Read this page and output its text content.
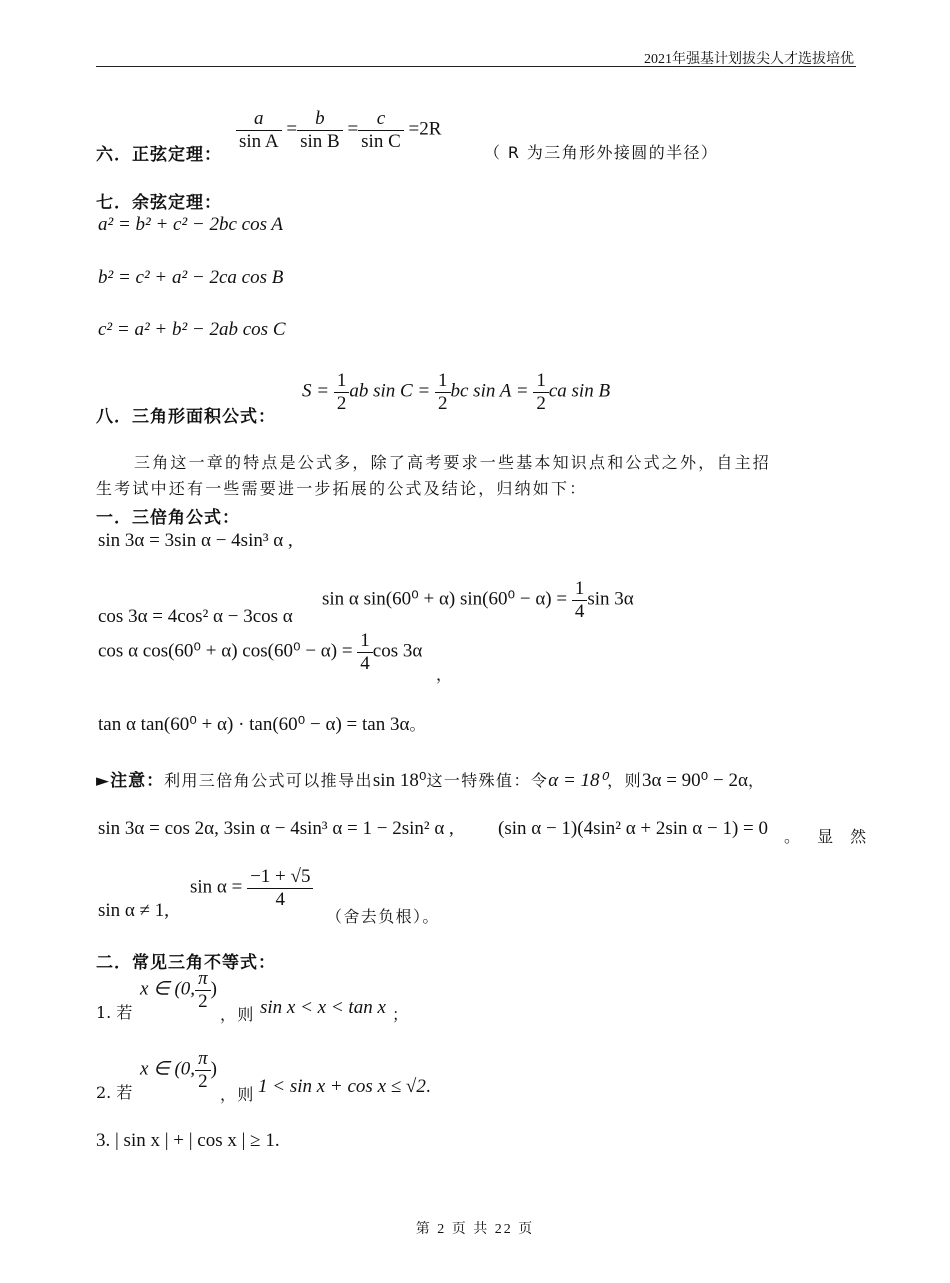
2021年强基计划拔尖人才选拔培优
六．正弦定理：
$\frac{a}{\text{sin A}} = \frac{b}{\text{sin B}} = \frac{c}{\text{sin C}} =2R$
（ R 为三角形外接圆的半径）
七．余弦定理：
a² = b² + c² − 2bc cos A
b² = c² + a² − 2ca cos B
c² = a² + b² − 2ab cos C
八．三角形面积公式：
$S = \frac{1}{2}$ ab $\sin C = \frac{1}{2}$ bc $\sin A = \frac{1}{2}$ ca sin B
三角这一章的特点是公式多，除了高考要求一些基本知识点和公式之外，自主招
生考试中还有一些需要进一步拓展的公式及结论，归纳如下：
一．三倍角公式：
sin 3α = 3sin α − 4sin³ α ,
cos 3α = 4cos² α − 3cos α
sin α sin(60⁰ + α) $\sin(60^0 - \alpha) = \frac{1}{4}$ sin 3α
cos α cos(60⁰ + α) $\cos(60^0 - \alpha) = \frac{1}{4}$ cos 3α
，
tan α tan(60⁰ + α) · tan(60⁰ − α) = tan 3α。
►注意：利用三倍角公式可以推导出sin 18⁰这一特殊值：令α = 18⁰，则3α = 90⁰ − 2α，
sin 3α = cos 2α, 3sin α − 4sin³ α = 1 − 2sin² α , (sin α − 1)(4sin² α + 2sin α − 1) = 0 。 显 然
sin α ≠ 1,
$\sin \alpha = \frac{-1 + √5}{4}$
（舍去负根）。
二．常见三角不等式：
1. 若
x ∈ (0, $\frac{\pi}{2}$ )
，则 sin x < x < tan x ；
2. 若
x ∈ (0, $\frac{\pi}{2}$ )
，则 1 < sin x + cos x ≤ √2.
3. | sin x | + | cos x | ≥ 1.
第 2 页 共 22 页
